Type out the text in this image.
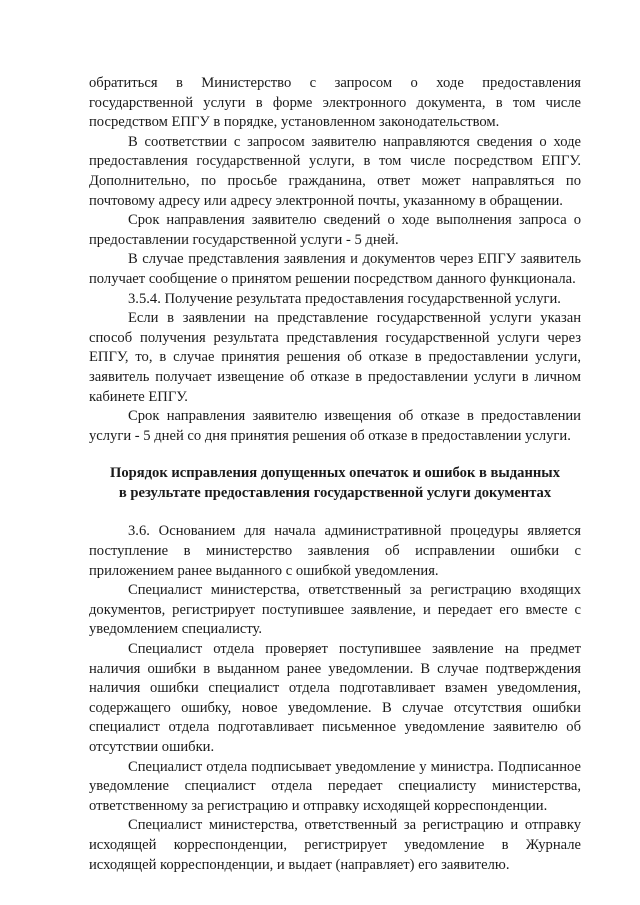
обратиться в Министерство с запросом о ходе предоставления государственной услуги в форме электронного документа, в том числе посредством ЕПГУ в порядке, установленном законодательством.

В соответствии с запросом заявителю направляются сведения о ходе предоставления государственной услуги, в том числе посредством ЕПГУ. Дополнительно, по просьбе гражданина, ответ может направляться по почтовому адресу или адресу электронной почты, указанному в обращении.

Срок направления заявителю сведений о ходе выполнения запроса о предоставлении государственной услуги - 5 дней.

В случае представления заявления и документов через ЕПГУ заявитель получает сообщение о принятом решении посредством данного функционала.

3.5.4. Получение результата предоставления государственной услуги.

Если в заявлении на представление государственной услуги указан способ получения результата представления государственной услуги через ЕПГУ, то, в случае принятия решения об отказе в предоставлении услуги, заявитель получает извещение об отказе в предоставлении услуги в личном кабинете ЕПГУ.

Срок направления заявителю извещения об отказе в предоставлении услуги - 5 дней со дня принятия решения об отказе в предоставлении услуги.

Порядок исправления допущенных опечаток и ошибок в выданных в результате предоставления государственной услуги документах

3.6. Основанием для начала административной процедуры является поступление в министерство заявления об исправлении ошибки с приложением ранее выданного с ошибкой уведомления.

Специалист министерства, ответственный за регистрацию входящих документов, регистрирует поступившее заявление, и передает его вместе с уведомлением специалисту.

Специалист отдела проверяет поступившее заявление на предмет наличия ошибки в выданном ранее уведомлении. В случае подтверждения наличия ошибки специалист отдела подготавливает взамен уведомления, содержащего ошибку, новое уведомление. В случае отсутствия ошибки специалист отдела подготавливает письменное уведомление заявителю об отсутствии ошибки.

Специалист отдела подписывает уведомление у министра. Подписанное уведомление специалист отдела передает специалисту министерства, ответственному за регистрацию и отправку исходящей корреспонденции.

Специалист министерства, ответственный за регистрацию и отправку исходящей корреспонденции, регистрирует уведомление в Журнале исходящей корреспонденции, и выдает (направляет) его заявителю.
